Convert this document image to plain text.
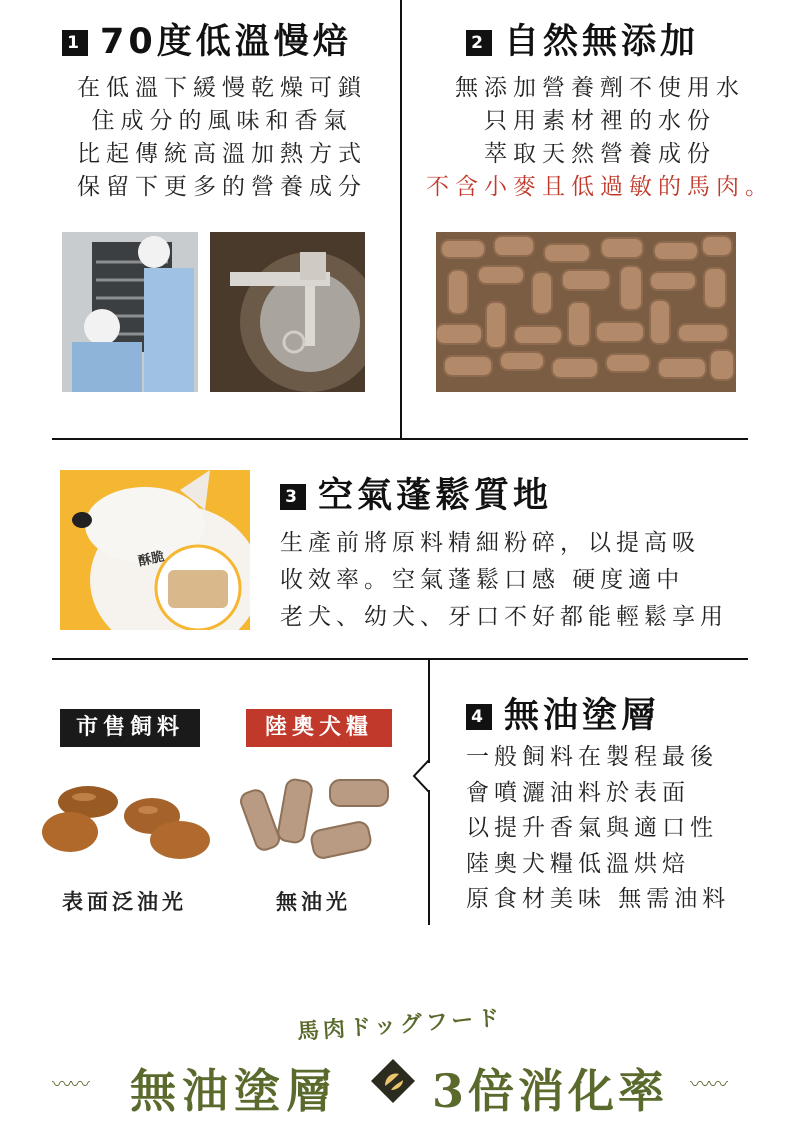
1 70度低溫慢焙
在低溫下緩慢乾燥可鎖
住成分的風味和香氣
比起傳統高溫加熱方式
保留下更多的營養成分
2 自然無添加
無添加營養劑不使用水
只用素材裡的水份
萃取天然營養成份
不含小麥且低過敏的馬肉。
酥脆
3 空氣蓬鬆質地
生產前將原料精細粉碎，以提高吸
收效率。空氣蓬鬆口感 硬度適中
老犬、幼犬、牙口不好都能輕鬆享用
市售飼料	陸奧犬糧
表面泛油光	無油光
4 無油塗層
一般飼料在製程最後
會噴灑油料於表面
以提升香氣與適口性
陸奧犬糧低溫烘焙
原食材美味 無需油料
馬肉ドッグフード
〰〰 無油塗層 3倍消化率 〰〰
